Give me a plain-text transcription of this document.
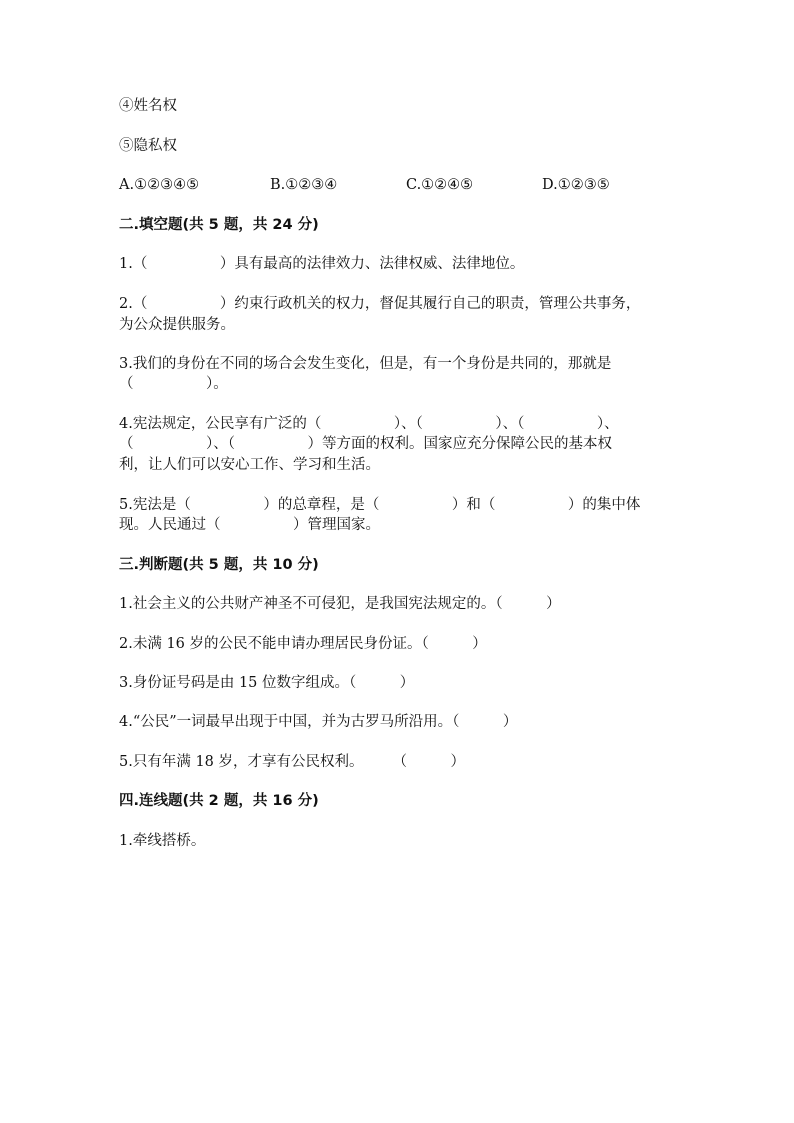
④姓名权
⑤隐私权
A.①②③④⑤	B.①②③④	C.①②④⑤	D.①②③⑤
二.填空题(共 5 题，共 24 分)
1.（　　　　　）具有最高的法律效力、法律权威、法律地位。
2.（　　　　　）约束行政机关的权力，督促其履行自己的职责，管理公共事务，
为公众提供服务。
3.我们的身份在不同的场合会发生变化，但是，有一个身份是共同的，那就是
（　　　　　）。
4.宪法规定，公民享有广泛的（　　　　　）、（　　　　　）、（　　　　　）、
（　　　　　）、（　　　　　）等方面的权利。国家应充分保障公民的基本权
利，让人们可以安心工作、学习和生活。
5.宪法是（　　　　　）的总章程，是（　　　　　）和（　　　　　）的集中体
现。人民通过（　　　　　）管理国家。
三.判断题(共 5 题，共 10 分)
1.社会主义的公共财产神圣不可侵犯，是我国宪法规定的。（　　　）
2.未满 16 岁的公民不能申请办理居民身份证。（　　　）
3.身份证号码是由 15 位数字组成。（　　　）
4.“公民”一词最早出现于中国，并为古罗马所沿用。（　　　）
5.只有年满 18 岁，才享有公民权利。　　　（　　　）
四.连线题(共 2 题，共 16 分)
1.牵线搭桥。
